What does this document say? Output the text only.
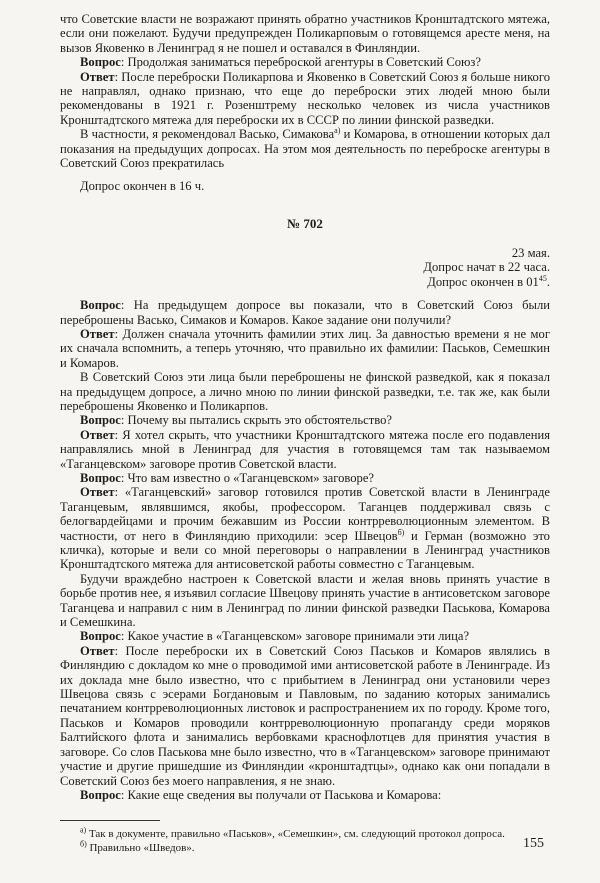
что Советские власти не возражают принять обратно участников Кронштадтского мятежа, если они пожелают. Будучи предупрежден Поликарповым о готовящемся аресте меня, на вызов Яковенко в Ленинград я не пошел и оставался в Финляндии.

Вопрос: Продолжая заниматься переброской агентуры в Советский Союз?

Ответ: После переброски Поликарпова и Яковенко в Советский Союз я больше никого не направлял, однако признаю, что еще до переброски этих людей мною были рекомендованы в 1921 г. Розенштрему несколько человек из числа участников Кронштадтского мятежа для переброски их в СССР по линии финской разведки.

В частности, я рекомендовал Васько, Симакова$^{а)}$ и Комарова, в отношении которых дал показания на предыдущих допросах. На этом моя деятельность по переброске агентуры в Советский Союз прекратилась

Допрос окончен в 16 ч.

№ 702
23 мая.
Допрос начат в 22 часа.
Допрос окончен в $01^{45}$.

Вопрос: На предыдущем допросе вы показали, что в Советский Союз были переброшены Васько, Симаков и Комаров. Какое задание они получили?

Ответ: Должен сначала уточнить фамилии этих лиц. За давностью времени я не мог их сначала вспомнить, а теперь уточняю, что правильно их фамилии: Паськов, Семешкин и Комаров.

В Советский Союз эти лица были переброшены не финской разведкой, как я показал на предыдущем допросе, а лично мною по линии финской разведки, т.е. так же, как были переброшены Яковенко и Поликарпов.

Вопрос: Почему вы пытались скрыть это обстоятельство?

Ответ: Я хотел скрыть, что участники Кронштадтского мятежа после его подавления направлялись мной в Ленинград для участия в готовящемся там так называемом «Таганцевском» заговоре против Советской власти.

Вопрос: Что вам известно о «Таганцевском» заговоре?

Ответ: «Таганцевский» заговор готовился против Советской власти в Ленинграде Таганцевым, являвшимся, якобы, профессором. Таганцев поддерживал связь с белогвардейцами и прочим бежавшим из России контрреволюционным элементом. В частности, от него в Финляндию приходили: эсер Швецов$^{б)}$ и Герман (возможно это кличка), которые и вели со мной переговоры о направлении в Ленинград участников Кронштадтского мятежа для антисоветской работы совместно с Таганцевым.

Будучи враждебно настроен к Советской власти и желая вновь принять участие в борьбе против нее, я изъявил согласие Швецову принять участие в антисоветском заговоре Таганцева и направил с ним в Ленинград по линии финской разведки Паськова, Комарова и Семешкина.

Вопрос: Какое участие в «Таганцевском» заговоре принимали эти лица?

Ответ: После переброски их в Советский Союз Паськов и Комаров являлись в Финляндию с докладом ко мне о проводимой ими антисоветской работе в Ленинграде. Из их доклада мне было известно, что с прибытием в Ленинград они установили через Швецова связь с эсерами Богдановым и Павловым, по заданию которых занимались печатанием контрреволюционных листовок и распространением их по городу. Кроме того, Паськов и Комаров проводили контрреволюционную пропаганду среди моряков Балтийского флота и занимались вербовками краснофлотцев для принятия участия в заговоре. Со слов Паськова мне было известно, что в «Таганцевском» заговоре принимают участие и другие пришедшие из Финляндии «кронштадтцы», однако как они попадали в Советский Союз без моего направления, я не знаю.

Вопрос: Какие еще сведения вы получали от Паськова и Комарова:

$^{а)}$ Так в документе, правильно «Паськов», «Семешкин», см. следующий протокол допроса.

$^{б)}$ Правильно «Шведов».	155
